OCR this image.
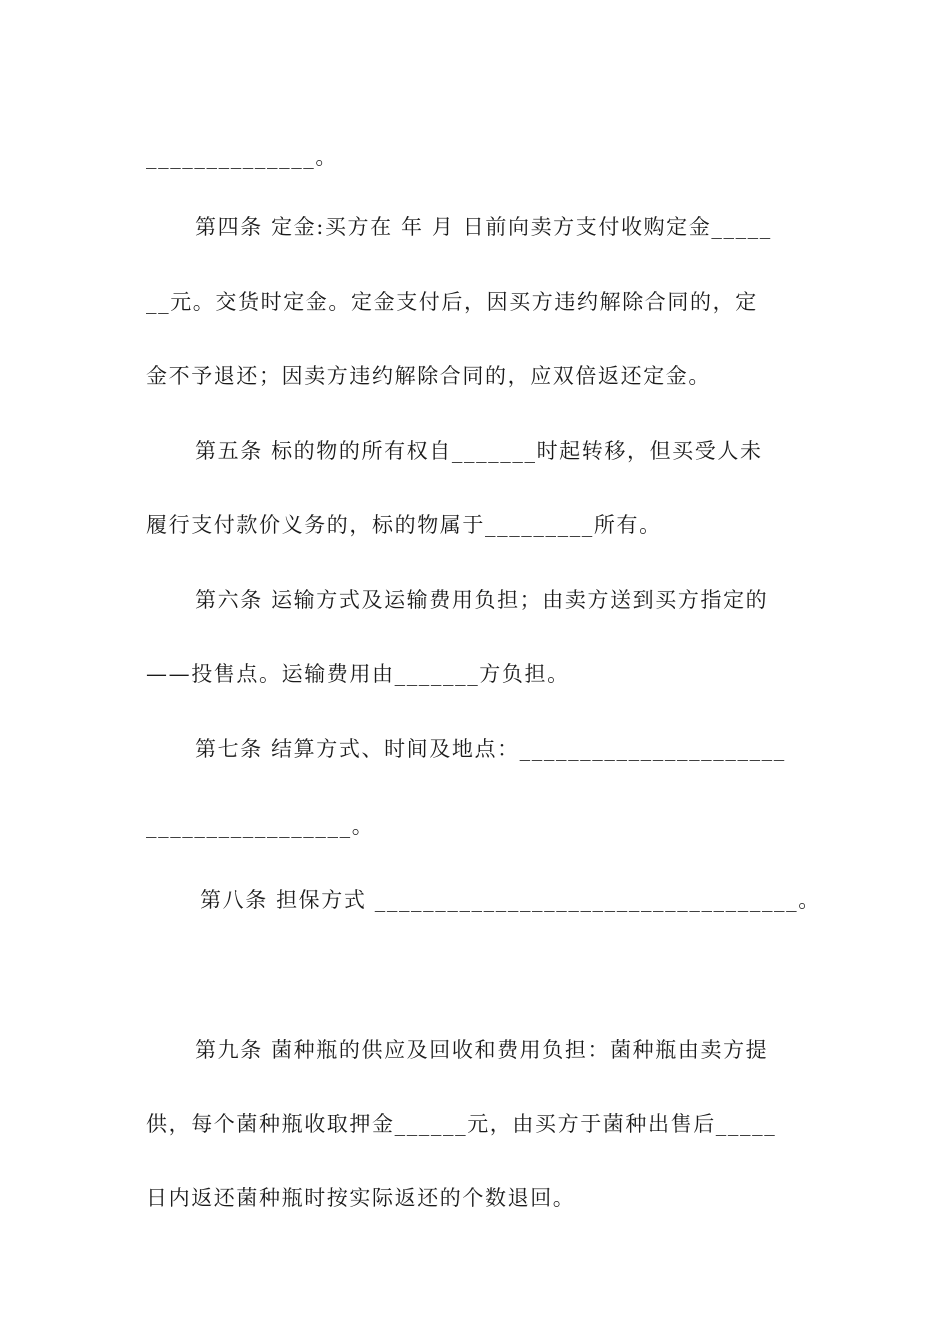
______________。
第四条 定金:买方在 年 月 日前向卖方支付收购定金_____
__元。交货时定金。定金支付后，因买方违约解除合同的，定
金不予退还；因卖方违约解除合同的，应双倍返还定金。
第五条 标的物的所有权自_______时起转移，但买受人未
履行支付款价义务的，标的物属于_________所有。
第六条 运输方式及运输费用负担；由卖方送到买方指定的
——投售点。运输费用由_______方负担。
第七条 结算方式、时间及地点：______________________
_________________。
第八条 担保方式 ___________________________________。
第九条 菌种瓶的供应及回收和费用负担：菌种瓶由卖方提
供，每个菌种瓶收取押金______元，由买方于菌种出售后_____
日内返还菌种瓶时按实际返还的个数退回。
